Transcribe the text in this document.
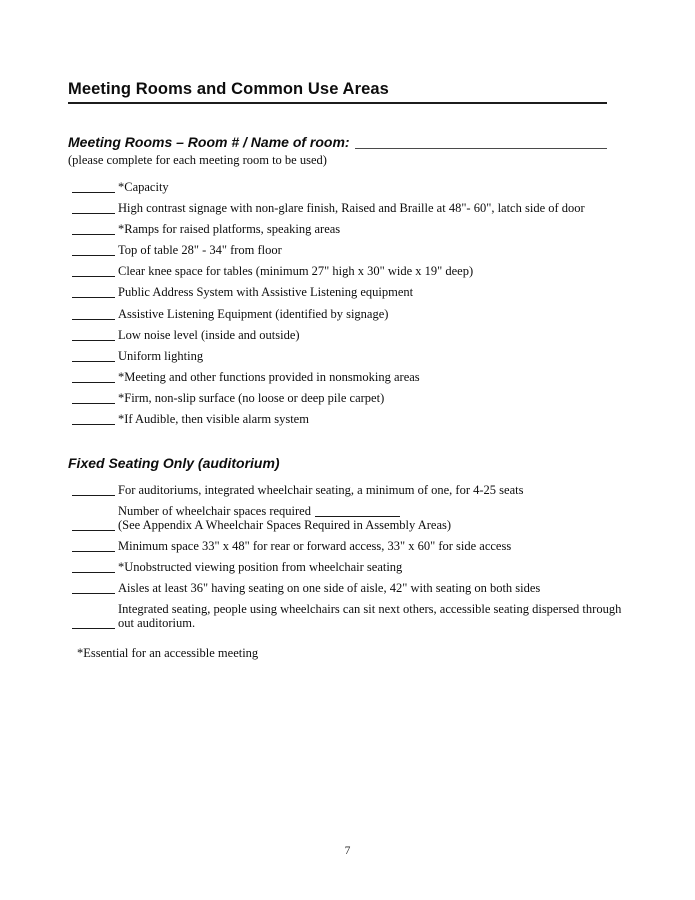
Meeting Rooms and Common Use Areas
Meeting Rooms – Room # / Name of room:
(please complete for each meeting room to be used)
*Capacity
High contrast signage with non-glare finish, Raised and Braille at 48"- 60", latch side of door
*Ramps for raised platforms, speaking areas
Top of table 28" - 34" from floor
Clear knee space for tables (minimum 27" high x 30" wide x 19" deep)
Public Address System with Assistive Listening equipment
Assistive Listening Equipment (identified by signage)
Low noise level (inside and outside)
Uniform lighting
*Meeting and other functions provided in nonsmoking areas
*Firm, non-slip surface (no loose or deep pile carpet)
*If Audible, then visible alarm system
Fixed Seating Only (auditorium)
For auditoriums, integrated wheelchair seating, a minimum of one, for 4-25 seats
Number of wheelchair spaces required
(See Appendix A Wheelchair Spaces Required in Assembly Areas)
Minimum space 33" x 48" for rear or forward access, 33" x 60" for side access
*Unobstructed viewing position from wheelchair seating
Aisles at least 36" having seating on one side of aisle, 42" with seating on both sides
Integrated seating, people using wheelchairs can sit next others, accessible seating dispersed through
out auditorium.
*Essential for an accessible meeting
7
